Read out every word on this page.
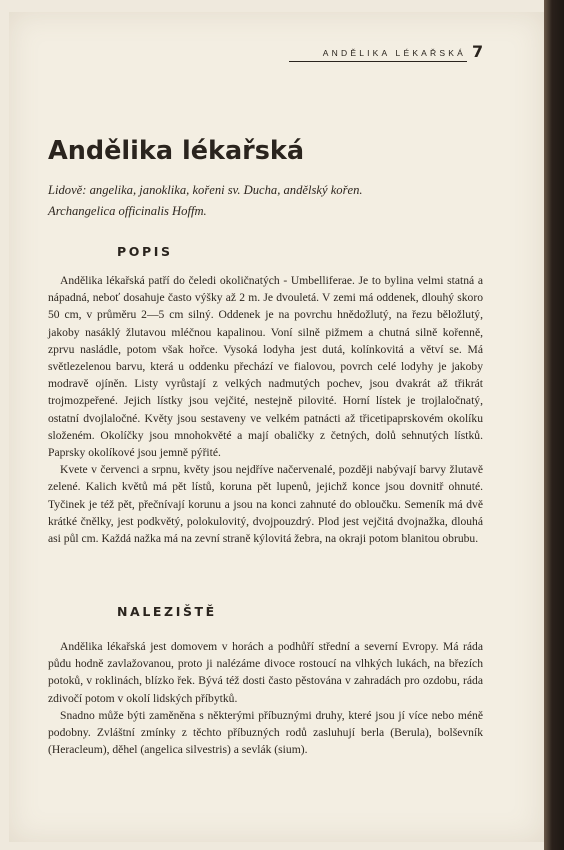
ANDĚLIKA LÉKAŘSKÁ 7
Andělika lékařská
Lidově: angelika, janoklika, kořeni sv. Ducha, andělský kořen.
Archangelica officinalis Hoffm.
POPIS

Andělika lékařská patří do čeledi okoličnatých - Umbelliferae. Je to bylina velmi statná a nápadná, neboť dosahuje často výšky až 2 m. Je dvouletá. V zemi má oddenek, dlouhý skoro 50 cm, v průměru 2—5 cm silný. Oddenek je na povrchu hnědožlutý, na řezu běložlutý, jakoby nasáklý žlutavou mléčnou kapalinou. Voní silně pižmem a chutná silně kořenně, zprvu nasládle, potom však hořce. Vysoká lodyha jest dutá, kolínkovitá a větví se. Má světlezelenou barvu, která u oddenku přechází ve fialovou, povrch celé lodyhy je jakoby modravě ojíněn. Listy vyrůstají z velkých nadmutých pochev, jsou dvakrát až třikrát trojmozpeřené. Jejich lístky jsou vejčité, nestejně pilovité. Horní lístek je trojlaločnatý, ostatní dvojlaločné. Květy jsou sestaveny ve velkém patnácti až třicetipaprskovém okolíku složeném. Okolíčky jsou mnohokvěté a mají obaličky z četných, dolů sehnutých lístků. Paprsky okolíkové jsou jemně pýřité.

Kvete v červenci a srpnu, květy jsou nejdříve načervenalé, později nabývají barvy žlutavě zelené. Kalich květů má pět lístů, koruna pět lupenů, jejichž konce jsou dovnitř ohnuté. Tyčinek je též pět, přečnívají korunu a jsou na konci zahnuté do oblоučku. Semeník má dvě krátké čnělky, jest podkvětý, polokulovitý, dvojpouzdrý. Plod jest vejčitá dvojnažka, dlouhá asi půl cm. Každá nažka má na zevní straně kýlovitá žebra, na okraji potom blanitou obrubu.

NALEZIŠTĚ

Andělika lékařská jest domovem v horách a podhůří střední a severní Evropy. Má ráda půdu hodně zavlažovanou, proto ji nalézáme divoce rostoucí na vlhkých lukách, na březích potoků, v roklinách, blízko řek. Bývá též dosti často pěstována v zahradách pro ozdobu, ráda zdivočí potom v okolí lidských příbytků.

Snadno může býti zaměněna s některými příbuznými druhy, které jsou jí více nebo méně podobny. Zvláštní zmínky z těchto příbuzných rodů zasluhují berla (Berula), bolševník (Heracleum), děhel (angelica silvestris) a sevlák (sium).
